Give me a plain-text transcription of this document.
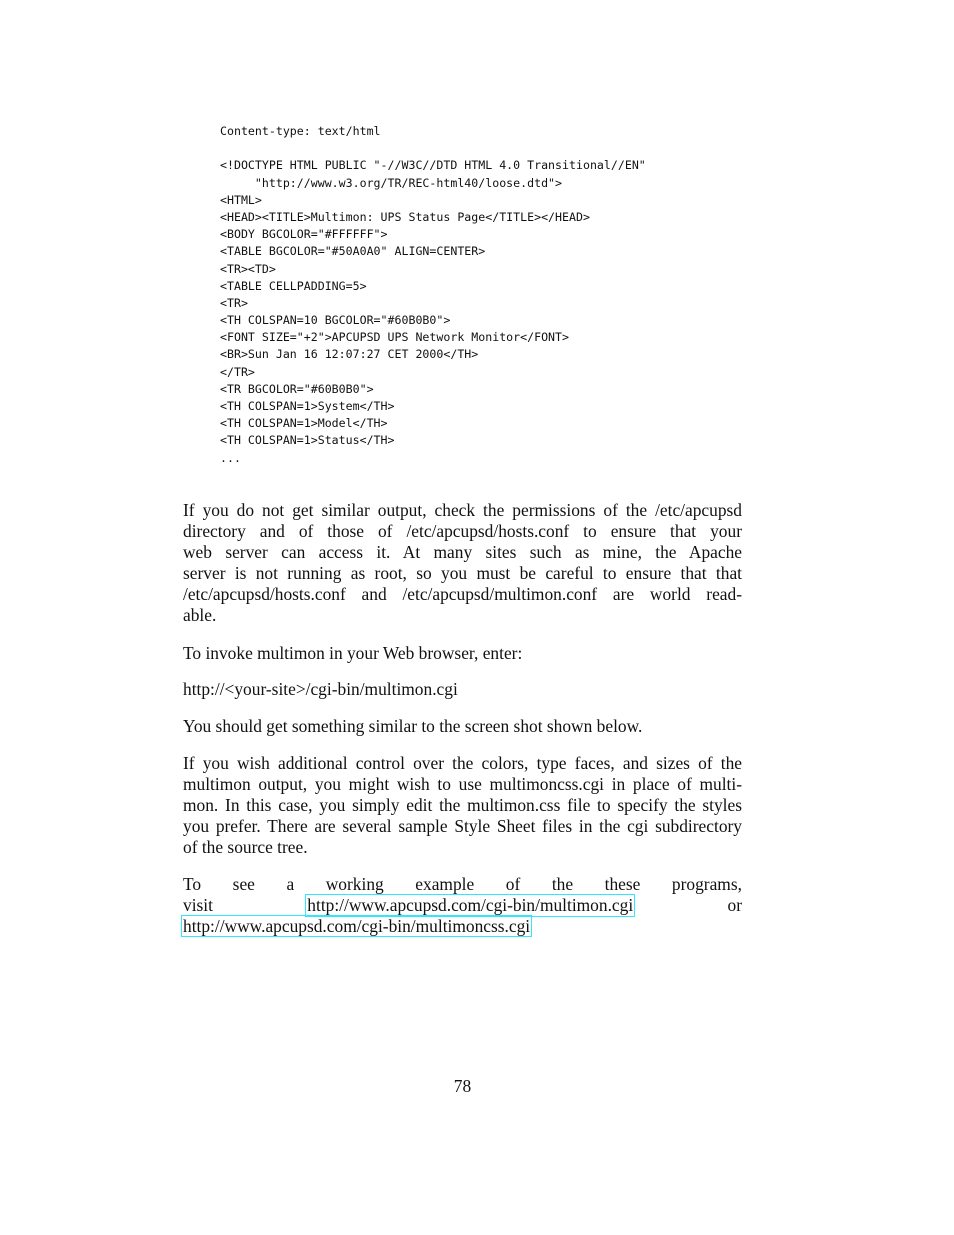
Content-type: text/html
<!DOCTYPE HTML PUBLIC "-//W3C//DTD HTML 4.0 Transitional//EN"
"http://www.w3.org/TR/REC-html40/loose.dtd">
<HTML>
<HEAD><TITLE>Multimon: UPS Status Page</TITLE></HEAD>
<BODY BGCOLOR="#FFFFFF">
<TABLE BGCOLOR="#50A0A0" ALIGN=CENTER>
<TR><TD>
<TABLE CELLPADDING=5>
<TR>
<TH COLSPAN=10 BGCOLOR="#60B0B0">
<FONT SIZE="+2">APCUPSD UPS Network Monitor</FONT>
<BR>Sun Jan 16 12:07:27 CET 2000</TH>
</TR>
<TR BGCOLOR="#60B0B0">
<TH COLSPAN=1>System</TH>
<TH COLSPAN=1>Model</TH>
<TH COLSPAN=1>Status</TH>
...

If you do not get similar output, check the permissions of the /etc/apcupsd
directory and of those of /etc/apcupsd/hosts.conf to ensure that your
web server can access it. At many sites such as mine, the Apache
server is not running as root, so you must be careful to ensure that that
/etc/apcupsd/hosts.conf and /etc/apcupsd/multimon.conf are world read-
able.

To invoke multimon in your Web browser, enter:

http://<your-site>/cgi-bin/multimon.cgi

You should get something similar to the screen shot shown below.

If you wish additional control over the colors, type faces, and sizes of the
multimon output, you might wish to use multimoncss.cgi in place of multi-
mon. In this case, you simply edit the multimon.css file to specify the styles
you prefer. There are several sample Style Sheet files in the cgi subdirectory
of the source tree.

To see a working example of the these programs,
visit	http://www.apcupsd.com/cgi-bin/multimon.cgi	or
http://www.apcupsd.com/cgi-bin/multimoncss.cgi
78
